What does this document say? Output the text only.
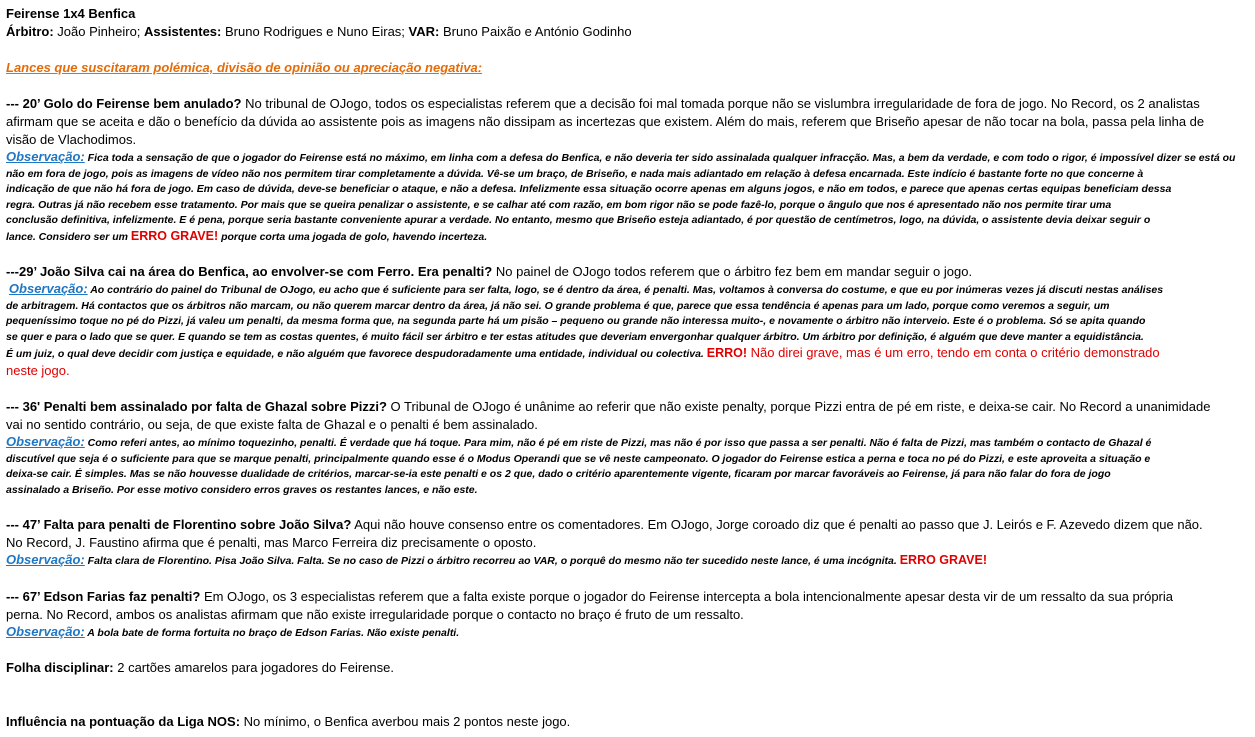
Feirense 1x4 Benfica
Árbitro: João Pinheiro; Assistentes: Bruno Rodrigues e Nuno Eiras; VAR: Bruno Paixão e António Godinho
Lances que suscitaram polémica, divisão de opinião ou apreciação negativa:
--- 20’ Golo do Feirense bem anulado? No tribunal de OJogo, todos os especialistas referem que a decisão foi mal tomada porque não se vislumbra irregularidade de fora de jogo. No Record, os 2 analistas
afirmam que se aceita e dão o benefício da dúvida ao assistente pois as imagens não dissipam as incertezas que existem. Além do mais, referem que Briseño apesar de não tocar na bola, passa pela linha de
visão de Vlachodimos.
Observação: Fica toda a sensação de que o jogador do Feirense está no máximo, em linha com a defesa do Benfica, e não deveria ter sido assinalada qualquer infracção. Mas, a bem da verdade, e com todo o rigor, é impossível dizer se está ou
não em fora de jogo, pois as imagens de vídeo não nos permitem tirar completamente a dúvida. Vê-se um braço, de Briseño, e nada mais adiantado em relação à defesa encarnada. Este indício é bastante forte no que concerne à
indicação de que não há fora de jogo. Em caso de dúvida, deve-se beneficiar o ataque, e não a defesa. Infelizmente essa situação ocorre apenas em alguns jogos, e não em todos, e parece que apenas certas equipas beneficiam dessa
regra. Outras já não recebem esse tratamento. Por mais que se queira penalizar o assistente, e se calhar até com razão, em bom rigor não se pode fazê-lo, porque o ângulo que nos é apresentado não nos permite tirar uma
conclusão definitiva, infelizmente. E é pena, porque seria bastante conveniente apurar a verdade. No entanto, mesmo que Briseño esteja adiantado, é por questão de centímetros, logo, na dúvida, o assistente devia deixar seguir o
lance. Considero ser um ERRO GRAVE! porque corta uma jogada de golo, havendo incerteza.
---29’ João Silva cai na área do Benfica, ao envolver-se com Ferro. Era penalti? No painel de OJogo todos referem que o árbitro fez bem em mandar seguir o jogo.
Observação: Ao contrário do painel do Tribunal de OJogo, eu acho que é suficiente para ser falta, logo, se é dentro da área, é penalti. Mas, voltamos à conversa do costume, e que eu por inúmeras vezes já discuti nestas análises
de arbitragem. Há contactos que os árbitros não marcam, ou não querem marcar dentro da área, já não sei. O grande problema é que, parece que essa tendência é apenas para um lado, porque como veremos a seguir, um
pequeníssimo toque no pé do Pizzi, já valeu um penalti, da mesma forma que, na segunda parte há um pisão – pequeno ou grande não interessa muito-, e novamente o árbitro não interveio. Este é o problema. Só se apita quando
se quer e para o lado que se quer. E quando se tem as costas quentes, é muito fácil ser árbitro e ter estas atitudes que deveriam envergonhar qualquer árbitro. Um árbitro por definição, é alguém que deve manter a equidistância.
É um juiz, o qual deve decidir com justiça e equidade, e não alguém que favorece despudoradamente uma entidade, individual ou colectiva. ERRO! Não direi grave, mas é um erro, tendo em conta o critério demonstrado
neste jogo.
--- 36' Penalti bem assinalado por falta de Ghazal sobre Pizzi? O Tribunal de OJogo é unânime ao referir que não existe penalty, porque Pizzi entra de pé em riste, e deixa-se cair. No Record a unanimidade
vai no sentido contrário, ou seja, de que existe falta de Ghazal e o penalti é bem assinalado.
Observação: Como referi antes, ao mínimo toquezinho, penalti. É verdade que há toque. Para mim, não é pé em riste de Pizzi, mas não é por isso que passa a ser penalti. Não é falta de Pizzi, mas também o contacto de Ghazal é
discutível que seja é o suficiente para que se marque penalti, principalmente quando esse é o Modus Operandi que se vê neste campeonato. O jogador do Feirense estica a perna e toca no pé do Pizzi, e este aproveita a situação e
deixa-se cair. É simples. Mas se não houvesse dualidade de critérios, marcar-se-ia este penalti e os 2 que, dado o critério aparentemente vigente, ficaram por marcar favoráveis ao Feirense, já para não falar do fora de jogo
assinalado a Briseño. Por esse motivo considero erros graves os restantes lances, e não este.
--- 47’ Falta para penalti de Florentino sobre João Silva? Aqui não houve consenso entre os comentadores. Em OJogo, Jorge coroado diz que é penalti ao passo que J. Leirós e F. Azevedo dizem que não.
No Record, J. Faustino afirma que é penalti, mas Marco Ferreira diz precisamente o oposto.
Observação: Falta clara de Florentino. Pisa João Silva. Falta. Se no caso de Pizzi o árbitro recorreu ao VAR, o porquê do mesmo não ter sucedido neste lance, é uma incógnita. ERRO GRAVE!
--- 67’ Edson Farias faz penalti? Em OJogo, os 3 especialistas referem que a falta existe porque o jogador do Feirense intercepta a bola intencionalmente apesar desta vir de um ressalto da sua própria
perna. No Record, ambos os analistas afirmam que não existe irregularidade porque o contacto no braço é fruto de um ressalto.
Observação: A bola bate de forma fortuita no braço de Edson Farias. Não existe penalti.
Folha disciplinar: 2 cartões amarelos para jogadores do Feirense.
Influência na pontuação da Liga NOS: No mínimo, o Benfica averbou mais 2 pontos neste jogo.
